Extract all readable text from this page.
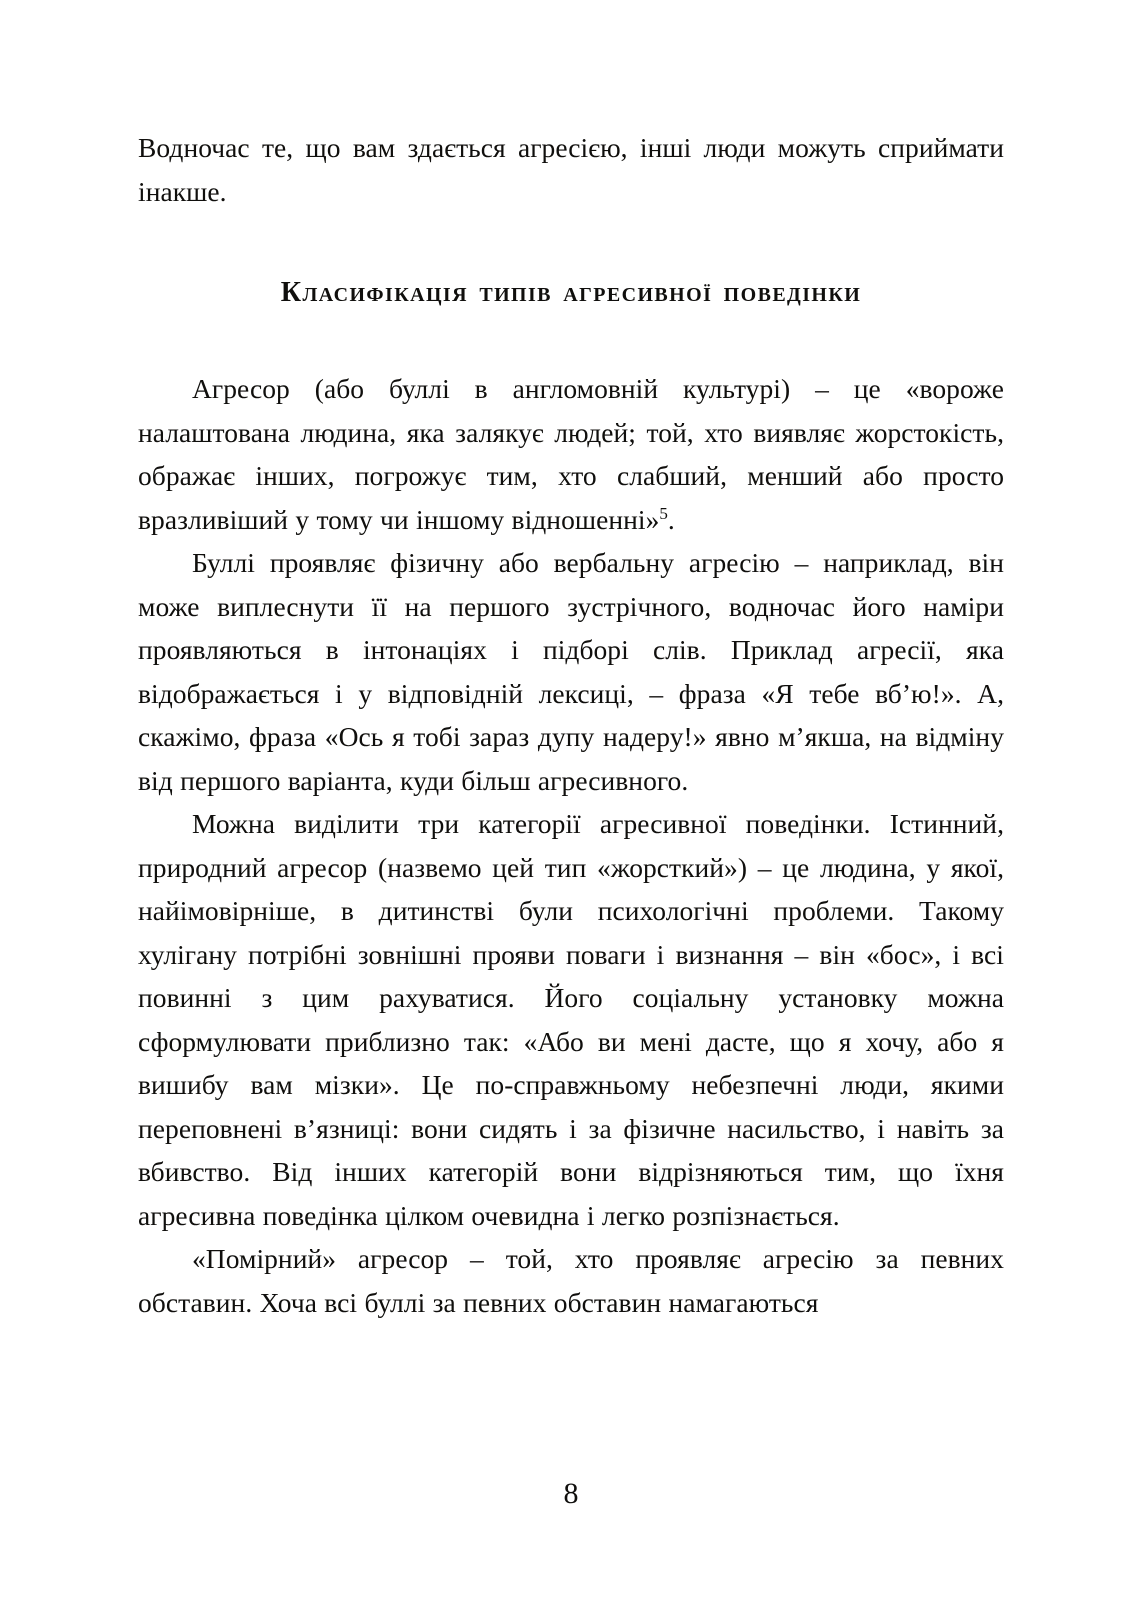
Водночас те, що вам здається агресією, інші люди можуть сприймати інакше.

Класифікація типів агресивної поведінки

Агресор (або буллі в англомовній культурі) – це «вороже налаштована людина, яка залякує людей; той, хто виявляє жорстокість, ображає інших, погрожує тим, хто слабший, менший або просто вразливіший у тому чи іншому відношенні»$^5$.

Буллі проявляє фізичну або вербальну агресію – наприклад, він може виплеснути її на першого зустрічного, водночас його наміри проявляються в інтонаціях і підборі слів. Приклад агресії, яка відображається і у відповідній лексиці, – фраза «Я тебе вб’ю!». А, скажімо, фраза «Ось я тобі зараз дупу надеру!» явно м’якша, на відміну від першого варіанта, куди більш агресивного.

Можна виділити три категорії агресивної поведінки. Істинний, природний агресор (назвемо цей тип «жорсткий») – це людина, у якої, найімовірніше, в дитинстві були психологічні проблеми. Такому хулігану потрібні зовнішні прояви поваги і визнання – він «бос», і всі повинні з цим рахуватися. Його соціальну установку можна сформулювати приблизно так: «Або ви мені дасте, що я хочу, або я вишибу вам мізки». Це по-справжньому небезпечні люди, якими переповнені в’язниці: вони сидять і за фізичне насильство, і навіть за вбивство. Від інших категорій вони відрізняються тим, що їхня агресивна поведінка цілком очевидна і легко розпізнається.

«Помірний» агресор – той, хто проявляє агресію за певних обставин. Хоча всі буллі за певних обставин намагаються

8
